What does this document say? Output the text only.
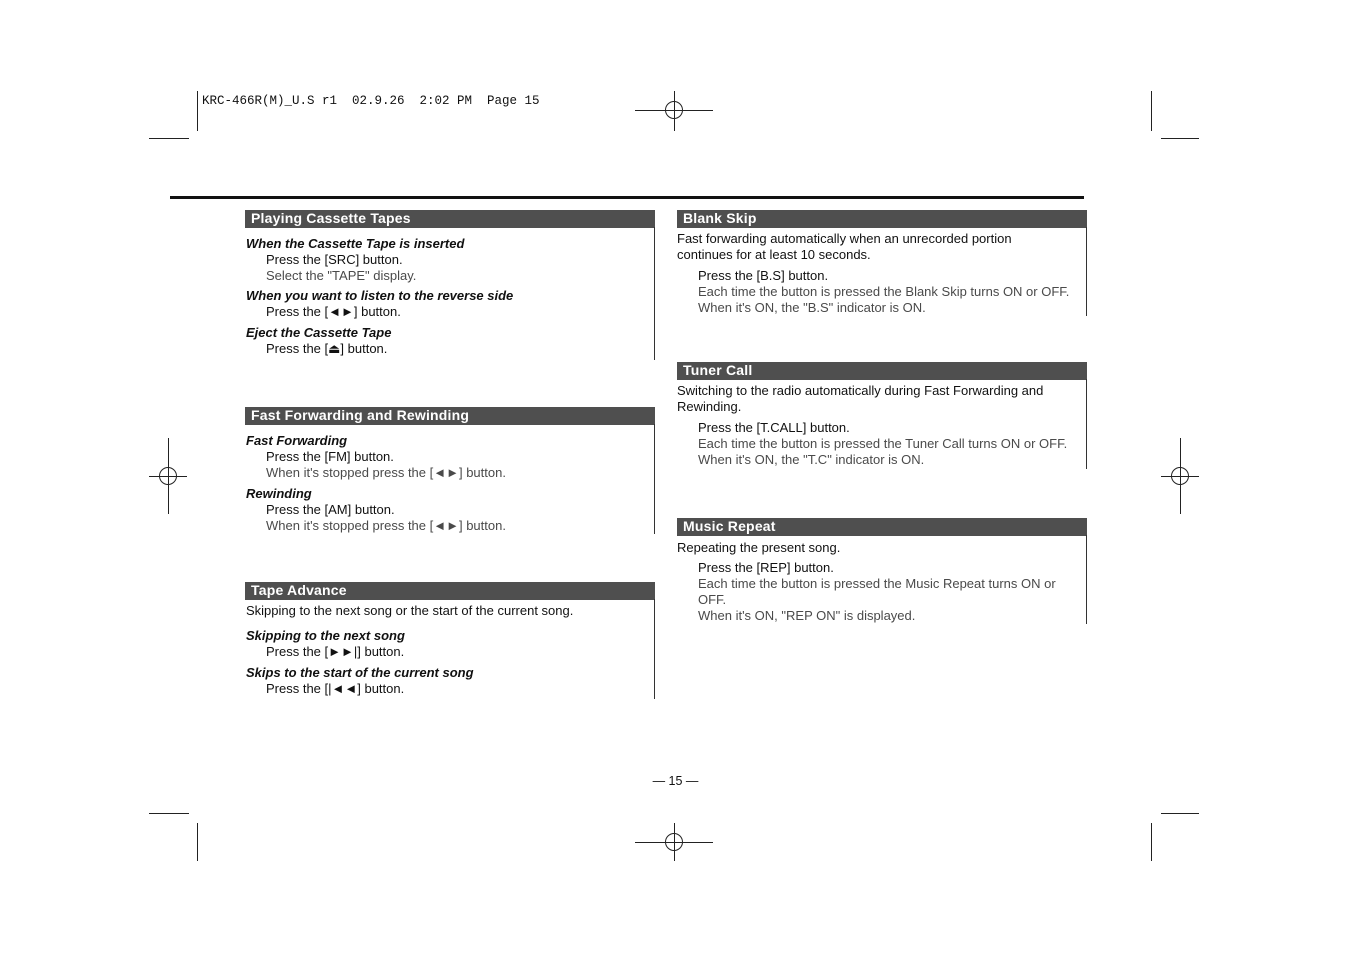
KRC-466R(M)_U.S r1  02.9.26  2:02 PM  Page 15
Playing Cassette Tapes
When the Cassette Tape is inserted
Press the [SRC] button.
Select the "TAPE" display.
When you want to listen to the reverse side
Press the [◄►] button.
Eject the Cassette Tape
Press the [⏏] button.
Fast Forwarding and Rewinding
Fast Forwarding
Press the [FM] button.
When it's stopped press the [◄►] button.
Rewinding
Press the [AM] button.
When it's stopped press the [◄►] button.
Tape Advance
Skipping to the next song or the start of the current song.
Skipping to the next song
Press the [►►|] button.
Skips to the start of the current song
Press the [|◄◄] button.
Blank Skip
Fast forwarding automatically when an unrecorded portion
continues for at least 10 seconds.
Press the [B.S] button.
Each time the button is pressed the Blank Skip turns ON or OFF.
When it's ON, the "B.S" indicator is ON.
Tuner Call
Switching to the radio automatically during Fast Forwarding and
Rewinding.
Press the [T.CALL] button.
Each time the button is pressed the Tuner Call turns ON or OFF.
When it's ON, the "T.C" indicator is ON.
Music Repeat
Repeating the present song.
Press the [REP] button.
Each time the button is pressed the Music Repeat turns ON or
OFF.
When it's ON, "REP ON" is displayed.
— 15 —
